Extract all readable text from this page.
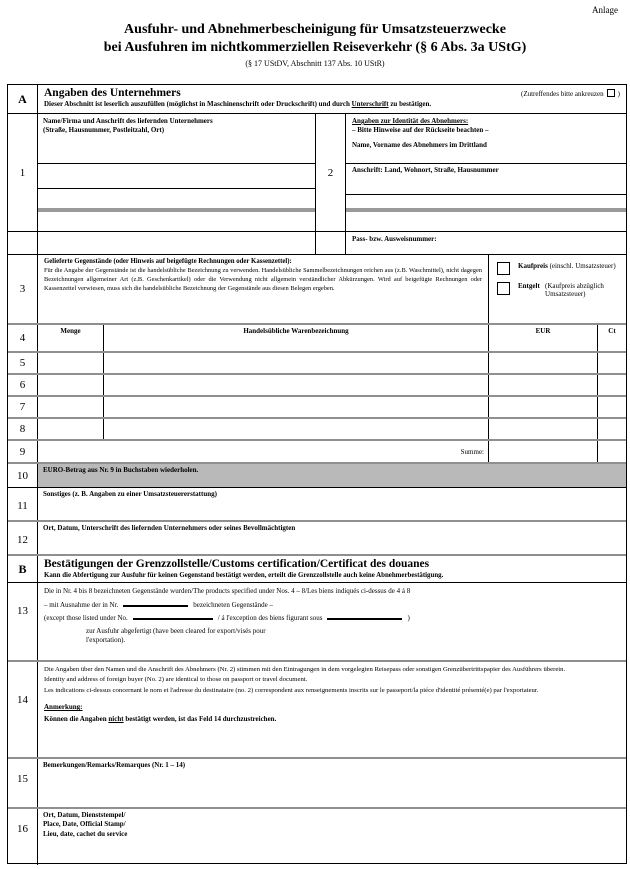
Anlage
Ausfuhr- und Abnehmerbescheinigung für Umsatzsteuerzwecke
bei Ausfuhren im nichtkommerziellen Reiseverkehr (§ 6 Abs. 3a UStG)
(§ 17 UStDV, Abschnitt 137 Abs. 10 UStR)
A	Angaben des Unternehmers	(Zutreffendes bitte ankreuzen )
Dieser Abschnitt ist leserlich auszufüllen (möglichst in Maschinenschrift oder Druckschrift) und durch Unterschrift zu bestätigen.
1
Name/Firma und Anschrift des liefernden Unternehmers
(Straße, Hausnummer, Postleitzahl, Ort)
2
Angaben zur Identität des Abnehmers:
– Bitte Hinweise auf der Rückseite beachten –
Name, Vorname des Abnehmers im Drittland
Anschrift: Land, Wohnort, Straße, Hausnummer
Pass- bzw. Ausweisnummer:
3
Gelieferte Gegenstände (oder Hinweis auf beigefügte Rechnungen oder Kassenzettel):
Für die Angabe der Gegenstände ist die handelsübliche Bezeichnung zu verwenden. Handelsübliche Sammelbezeichnungen reichen aus (z.B. Waschmittel), nicht dagegen Bezeichnungen allgemeiner Art (z.B. Geschenkartikel) oder die Verwendung nicht allgemein verständlicher Abkürzungen. Wird auf beigefügte Rechnungen oder Kassenzettel verwiesen, muss sich die handelsübliche Bezeichnung der Gegenstände aus diesen Belegen ergeben.
Kaufpreis (einschl. Umsatzsteuer)
Entgelt (Kaufpreis abzüglich
Umsatzsteuer)
4
Menge	Handelsübliche Warenbezeichnung	EUR	Ct
5
6
7
8
9	Summe:
10	EURO-Betrag aus Nr. 9 in Buchstaben wiederholen.
11
Sonstiges (z. B. Angaben zu einer Umsatzsteuererstattung)
12
Ort, Datum, Unterschrift des liefernden Unternehmers oder seines Bevollmächtigten
B	Bestätigungen der Grenzzollstelle/Customs certification/Certificat des douanes
Kann die Abfertigung zur Ausfuhr für keinen Gegenstand bestätigt werden, erteilt die Grenzzollstelle auch keine Abnehmerbestätigung.
13
Die in Nr. 4 bis 8 bezeichneten Gegenstände wurden/The products specified under Nos. 4 – 8/Les biens indiqués ci-dessus de 4 á 8
– mit Ausnahme der in Nr.	bezeichneten Gegenstände –
(except those listed under No.	/ á l'exception des biens figurant sous	)
zur Ausfuhr abgefertigt (have been cleared for export/visés pour
l'exportation).
14
Die Angaben über den Namen und die Anschrift des Abnehmers (Nr. 2) stimmen mit den Eintragungen in dem vorgelegten Reisepass oder sonstigen Grenzübertrittspapier des Ausführers überein.
Identity and address of foreign buyer (No. 2) are identical to those on passport or travel document.
Les indications ci-dessus concernant le nom et l'adresse du destinataire (no. 2) correspondent aux renseignements inscrits sur le passeport/la piéce d'identité présenté(e) par l'exportateur.
Anmerkung:
Können die Angaben nicht bestätigt werden, ist das Feld 14 durchzustreichen.
15
Bemerkungen/Remarks/Remarques (Nr. 1 – 14)
16
Ort, Datum, Dienststempel/
Place, Date, Official Stamp/
Lieu, date, cachet du service
